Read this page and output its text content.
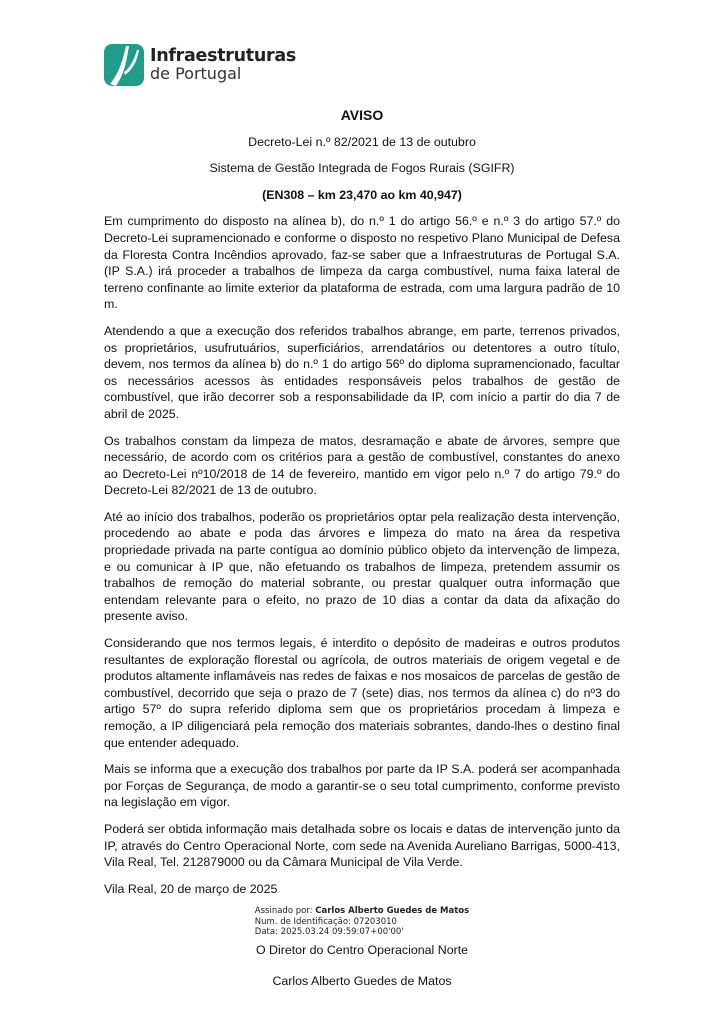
Infraestruturas
de Portugal
AVISO
Decreto-Lei n.º 82/2021 de 13 de outubro
Sistema de Gestão Integrada de Fogos Rurais (SGIFR)
(EN308 – km 23,470 ao km 40,947)

Em cumprimento do disposto na alínea b), do n.º 1 do artigo 56.º e n.º 3 do artigo 57.º do Decreto-Lei supramencionado e conforme o disposto no respetivo Plano Municipal de Defesa da Floresta Contra Incêndios aprovado, faz-se saber que a Infraestruturas de Portugal S.A. (IP S.A.) irá proceder a trabalhos de limpeza da carga combustível, numa faixa lateral de terreno confinante ao limite exterior da plataforma de estrada, com uma largura padrão de 10 m.

Atendendo a que a execução dos referidos trabalhos abrange, em parte, terrenos privados, os proprietários, usufrutuários, superficiários, arrendatários ou detentores a outro título, devem, nos termos da alínea b) do n.º 1 do artigo 56º do diploma supramencionado, facultar os necessários acessos às entidades responsáveis pelos trabalhos de gestão de combustível, que irão decorrer sob a responsabilidade da IP, com início a partir do dia 7 de abril de 2025.

Os trabalhos constam da limpeza de matos, desramação e abate de árvores, sempre que necessário, de acordo com os critérios para a gestão de combustível, constantes do anexo ao Decreto-Lei nº10/2018 de 14 de fevereiro, mantido em vigor pelo n.º 7 do artigo 79.º do Decreto-Lei 82/2021 de 13 de outubro.

Até ao início dos trabalhos, poderão os proprietários optar pela realização desta intervenção, procedendo ao abate e poda das árvores e limpeza do mato na área da respetiva propriedade privada na parte contígua ao domínio público objeto da intervenção de limpeza, e ou comunicar à IP que, não efetuando os trabalhos de limpeza, pretendem assumir os trabalhos de remoção do material sobrante, ou prestar qualquer outra informação que entendam relevante para o efeito, no prazo de 10 dias a contar da data da afixação do presente aviso.

Considerando que nos termos legais, é interdito o depósito de madeiras e outros produtos resultantes de exploração florestal ou agrícola, de outros materiais de origem vegetal e de produtos altamente inflamáveis nas redes de faixas e nos mosaicos de parcelas de gestão de combustível, decorrido que seja o prazo de 7 (sete) dias, nos termos da alínea c) do nº3 do artigo 57º do supra referido diploma sem que os proprietários procedam à limpeza e remoção, a IP diligenciará pela remoção dos materiais sobrantes, dando-lhes o destino final que entender adequado.

Mais se informa que a execução dos trabalhos por parte da IP S.A. poderá ser acompanhada por Forças de Segurança, de modo a garantir-se o seu total cumprimento, conforme previsto na legislação em vigor.

Poderá ser obtida informação mais detalhada sobre os locais e datas de intervenção junto da IP, através do Centro Operacional Norte, com sede na Avenida Aureliano Barrigas, 5000-413, Vila Real, Tel. 212879000 ou da Câmara Municipal de Vila Verde.

Vila Real, 20 de março de 2025
Assinado por: Carlos Alberto Guedes de Matos
Num. de Identificação: 07203010
Data: 2025.03.24 09:59:07+00'00'
O Diretor do Centro Operacional Norte
Carlos Alberto Guedes de Matos
